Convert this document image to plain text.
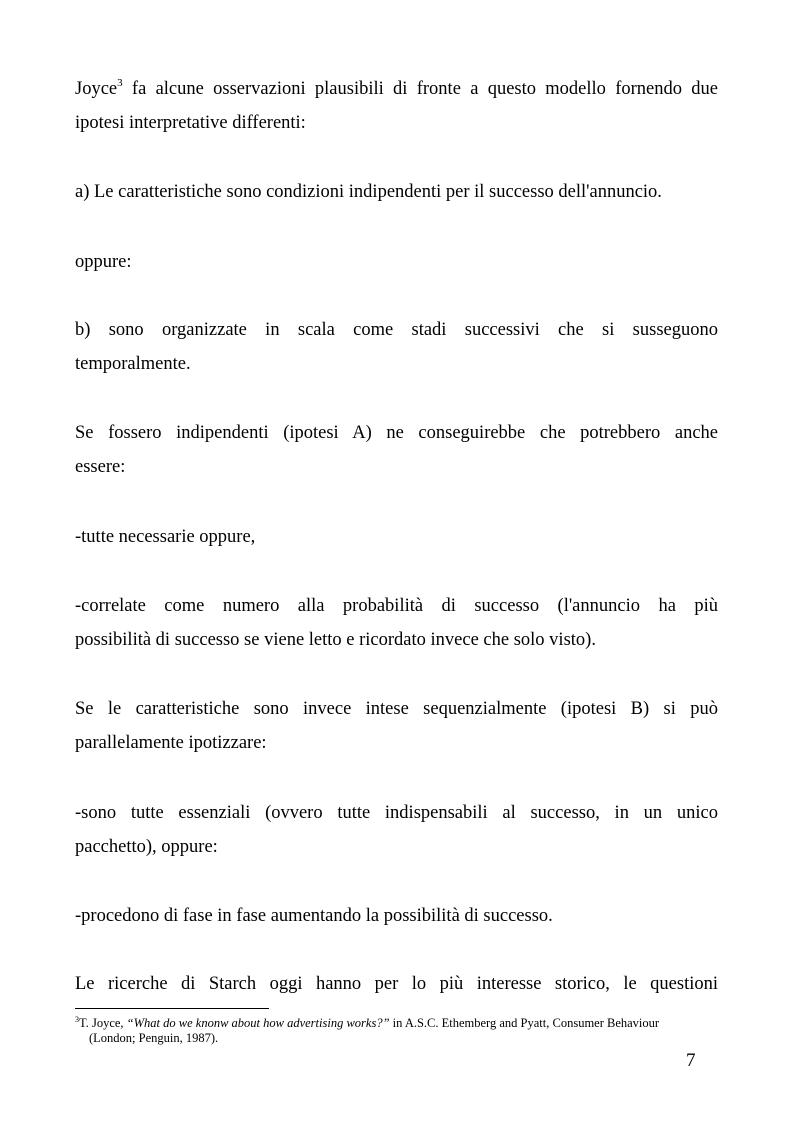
Joyce$^3$ fa alcune osservazioni plausibili di fronte a questo modello fornendo due
ipotesi interpretative differenti:

a) Le caratteristiche sono condizioni indipendenti per il successo dell'annuncio.

oppure:

b) sono organizzate in scala come stadi successivi che si susseguono
temporalmente.

Se fossero indipendenti (ipotesi A) ne conseguirebbe che potrebbero anche
essere:

-tutte necessarie oppure,

-correlate come numero alla probabilità di successo (l'annuncio ha più
possibilità di successo se viene letto e ricordato invece che solo visto).

Se le caratteristiche sono invece intese sequenzialmente (ipotesi B) si può
parallelamente ipotizzare:

-sono tutte essenziali (ovvero tutte indispensabili al successo, in un unico
pacchetto), oppure:

-procedono di fase in fase aumentando la possibilità di successo.

Le ricerche di Starch oggi hanno per lo più interesse storico, le questioni

$^3$T. Joyce, “What do we knonw about how advertising works?” in A.S.C. Ethemberg and Pyatt, Consumer Behaviour
(London; Penguin, 1987).
7
